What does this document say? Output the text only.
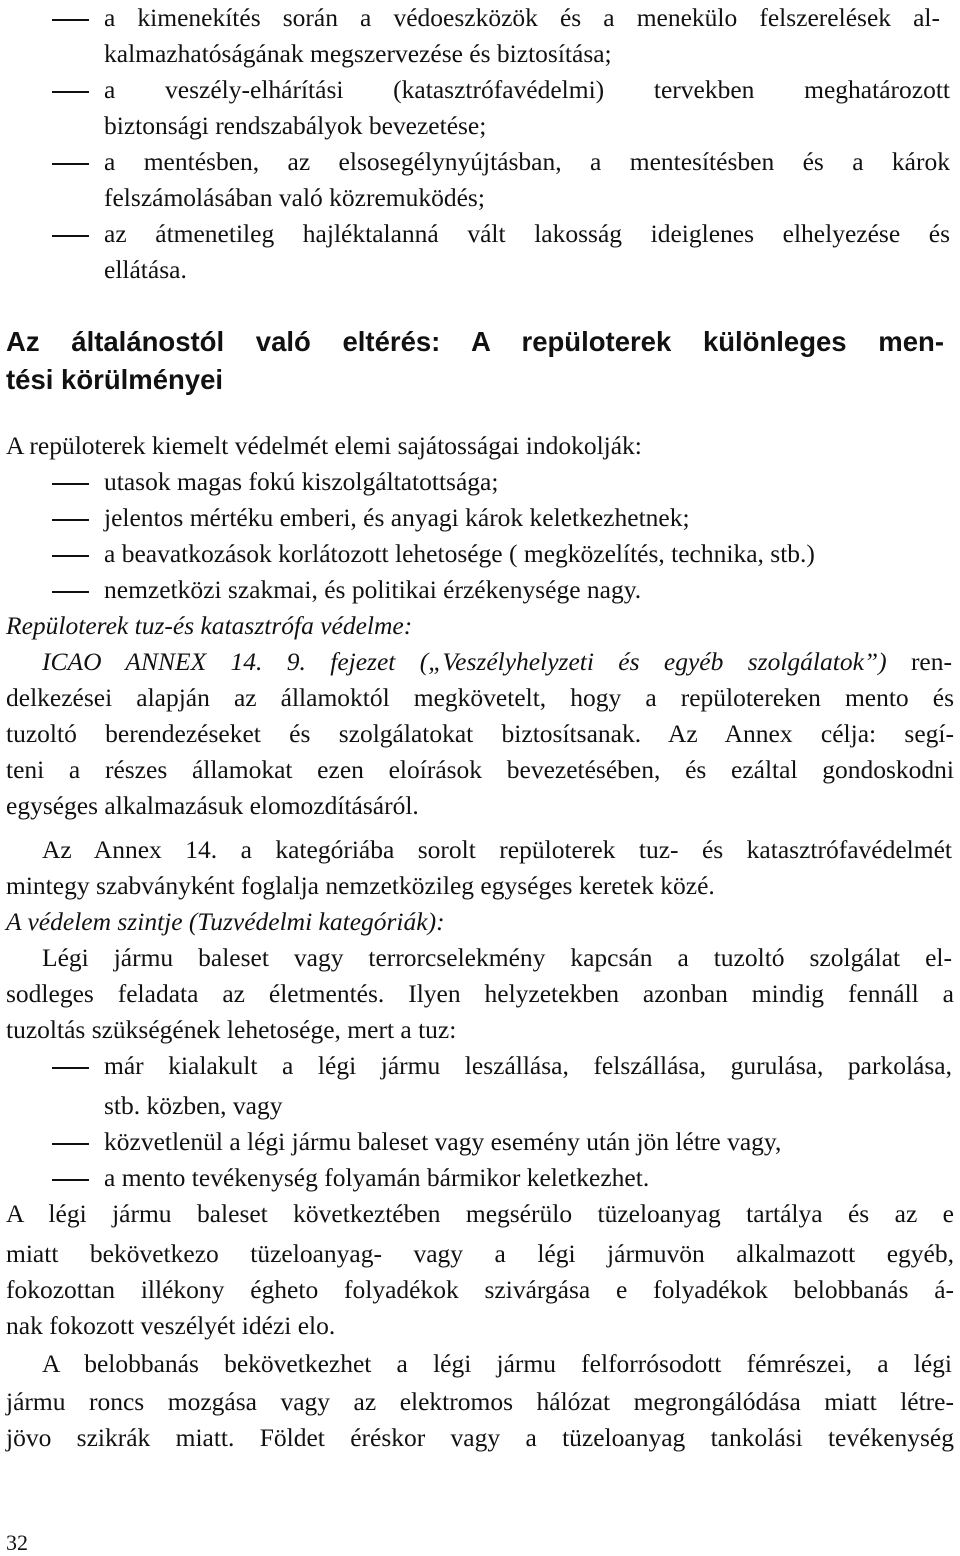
a kimenekítés során a védoeszközök és a menekülo felszerelések al-
kalmazhatóságának megszervezése és biztosítása;
a veszély-elhárítási (katasztrófavédelmi) tervekben meghatározott
biztonsági rendszabályok bevezetése;
a mentésben, az elsosegélynyújtásban, a mentesítésben és a károk
felszámolásában való közremuködés;
az átmenetileg hajléktalanná vált lakosság ideiglenes elhelyezése és
ellátása.
Az általánostól való eltérés: A repüloterek különleges men-
tési körülményei
A repüloterek kiemelt védelmét elemi sajátosságai indokolják:
utasok magas fokú kiszolgáltatottsága;
jelentos mértéku emberi, és anyagi károk keletkezhetnek;
a beavatkozások korlátozott lehetosége ( megközelítés, technika, stb.)
nemzetközi szakmai, és politikai érzékenysége nagy.
Repüloterek tuz-és katasztrófa védelme:
ICAO ANNEX 14. 9. fejezet („Veszélyhelyzeti és egyéb szolgálatok”) ren-
delkezései alapján az államoktól megkövetelt, hogy a repülotereken mento és
tuzoltó berendezéseket és szolgálatokat biztosítsanak. Az Annex célja: segí-
teni a részes államokat ezen eloírások bevezetésében, és ezáltal gondoskodni
egységes alkalmazásuk elomozdításáról.
Az Annex 14. a kategóriába sorolt repüloterek tuz- és katasztrófavédelmét
mintegy szabványként foglalja nemzetközileg egységes keretek közé.
A védelem szintje (Tuzvédelmi kategóriák):
Légi jármu baleset vagy terrorcselekmény kapcsán a tuzoltó szolgálat el-
sodleges feladata az életmentés. Ilyen helyzetekben azonban mindig fennáll a
tuzoltás szükségének lehetosége, mert a tuz:
már kialakult a légi jármu leszállása, felszállása, gurulása, parkolása,
stb. közben, vagy
közvetlenül a légi jármu baleset vagy esemény után jön létre vagy,
a mento tevékenység folyamán bármikor keletkezhet.
A légi jármu baleset következtében megsérülo tüzeloanyag tartálya és az e
miatt bekövetkezo tüzeloanyag- vagy a légi jármuvön alkalmazott egyéb,
fokozottan illékony égheto folyadékok szivárgása e folyadékok belobbanás á-
nak fokozott veszélyét idézi elo.
A belobbanás bekövetkezhet a légi jármu felforrósodott fémrészei, a légi
jármu roncs mozgása vagy az elektromos hálózat megrongálódása miatt létre-
jövo szikrák miatt. Földet éréskor vagy a tüzeloanyag tankolási tevékenység
32
